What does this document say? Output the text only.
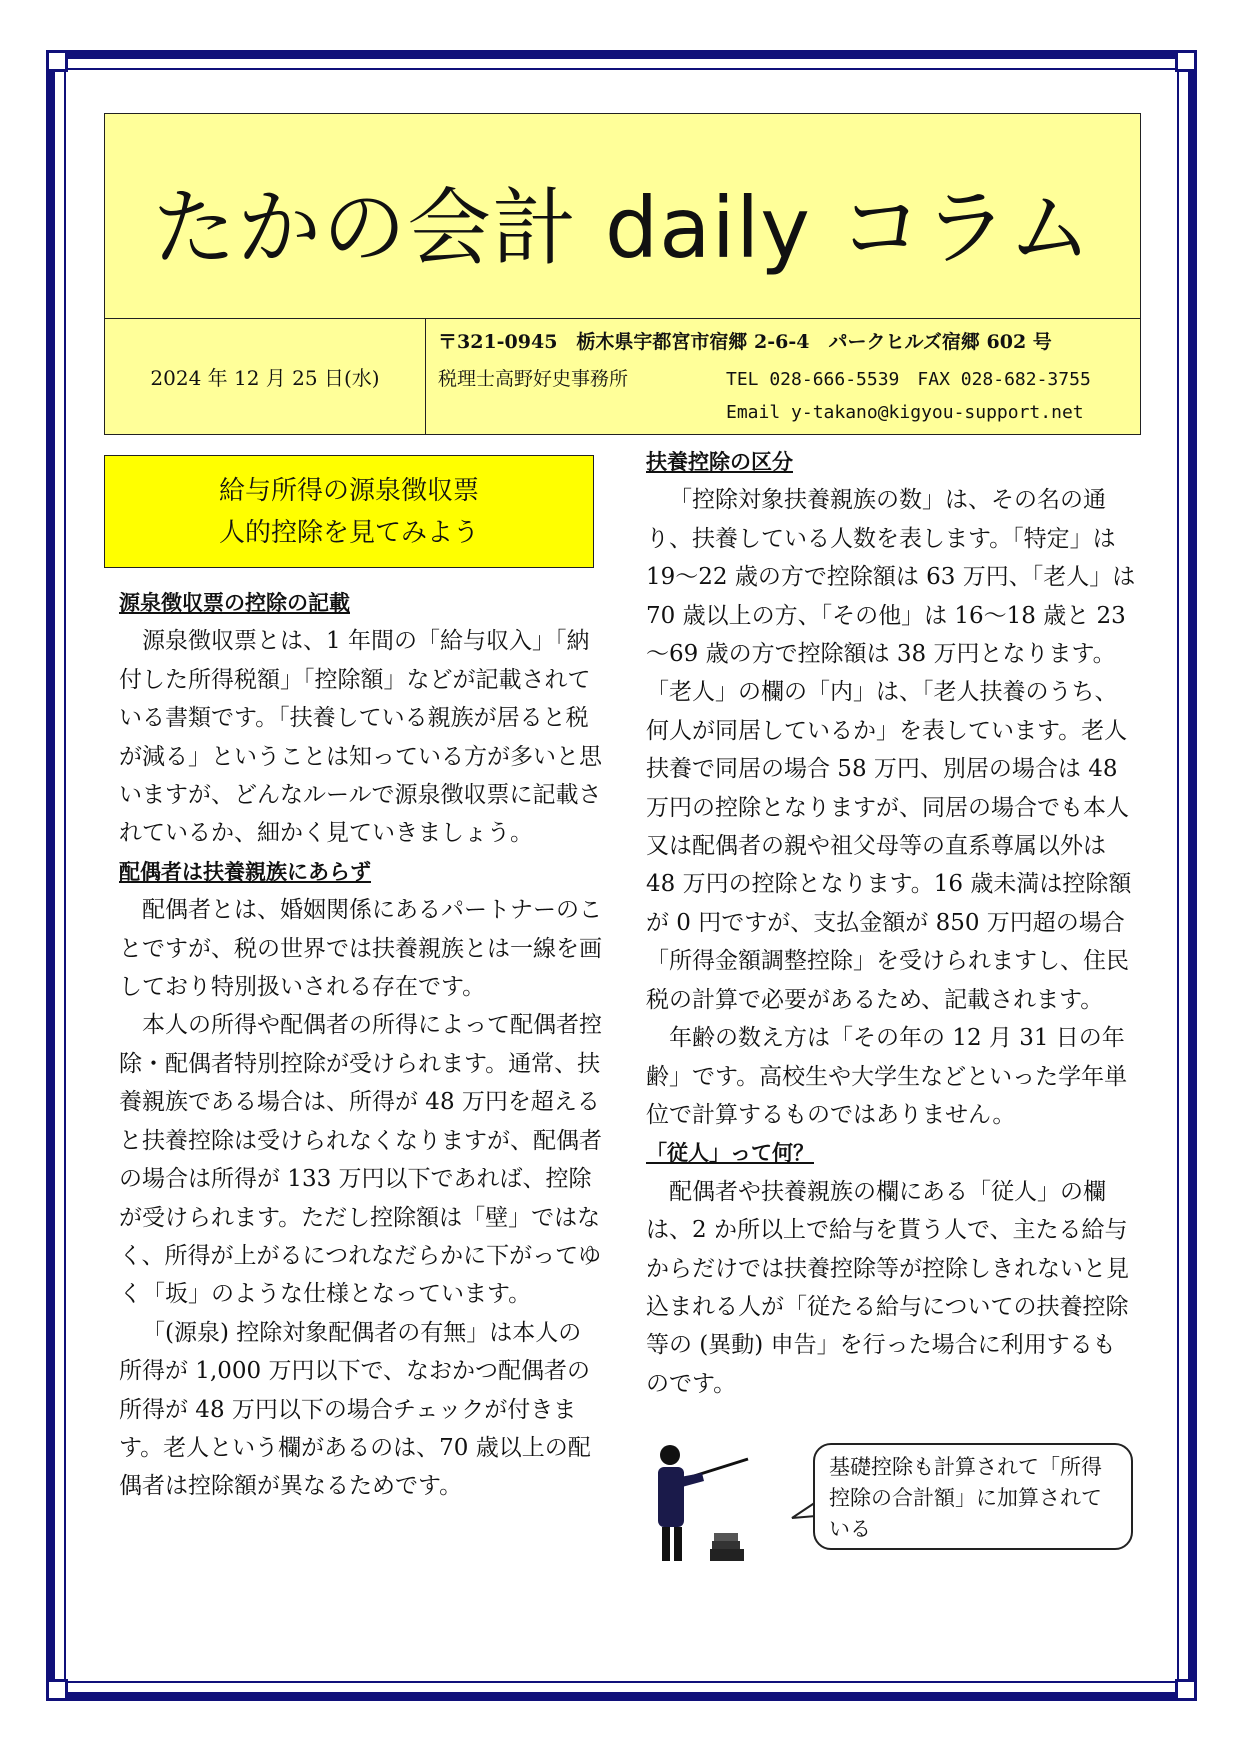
たかの会計 daily コラム
2024 年 12 月 25 日(水)
〒321-0945　栃木県宇都宮市宿郷 2-6-4　パークヒルズ宿郷 602 号
税理士高野好史事務所	TEL 028-666-5539　FAX 028-682-3755
Email y-takano@kigyou-support.net
給与所得の源泉徴収票
人的控除を見てみよう
源泉徴収票の控除の記載

源泉徴収票とは、1 年間の「給与収入」「納付した所得税額」「控除額」などが記載されている書類です。「扶養している親族が居ると税が減る」ということは知っている方が多いと思いますが、どんなルールで源泉徴収票に記載されているか、細かく見ていきましょう。

配偶者は扶養親族にあらず

配偶者とは、婚姻関係にあるパートナーのことですが、税の世界では扶養親族とは一線を画しており特別扱いされる存在です。

本人の所得や配偶者の所得によって配偶者控除・配偶者特別控除が受けられます。通常、扶養親族である場合は、所得が 48 万円を超えると扶養控除は受けられなくなりますが、配偶者の場合は所得が 133 万円以下であれば、控除が受けられます。ただし控除額は「壁」ではなく、所得が上がるにつれなだらかに下がってゆく「坂」のような仕様となっています。

「(源泉) 控除対象配偶者の有無」は本人の所得が 1,000 万円以下で、なおかつ配偶者の所得が 48 万円以下の場合チェックが付きます。老人という欄があるのは、70 歳以上の配偶者は控除額が異なるためです。

扶養控除の区分

「控除対象扶養親族の数」は、その名の通り、扶養している人数を表します。「特定」は 19～22 歳の方で控除額は 63 万円、「老人」は 70 歳以上の方、「その他」は 16～18 歳と 23～69 歳の方で控除額は 38 万円となります。「老人」の欄の「内」は、「老人扶養のうち、何人が同居しているか」を表しています。老人扶養で同居の場合 58 万円、別居の場合は 48 万円の控除となりますが、同居の場合でも本人又は配偶者の親や祖父母等の直系尊属以外は 48 万円の控除となります。16 歳未満は控除額が 0 円ですが、支払金額が 850 万円超の場合「所得金額調整控除」を受けられますし、住民税の計算で必要があるため、記載されます。

年齢の数え方は「その年の 12 月 31 日の年齢」です。高校生や大学生などといった学年単位で計算するものではありません。

「従人」って何？

配偶者や扶養親族の欄にある「従人」の欄は、2 か所以上で給与を貰う人で、主たる給与からだけでは扶養控除等が控除しきれないと見込まれる人が「従たる給与についての扶養控除等の (異動) 申告」を行った場合に利用するものです。

基礎控除も計算されて「所得控除の合計額」に加算されている
